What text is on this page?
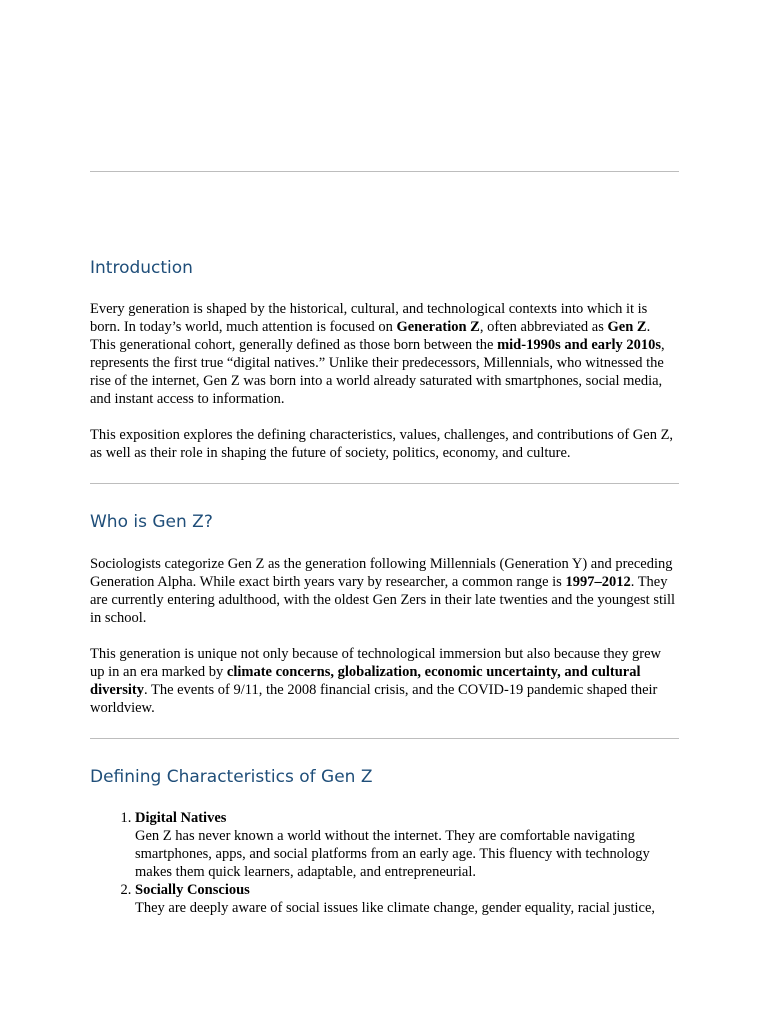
Introduction

Every generation is shaped by the historical, cultural, and technological contexts into which it is born. In today’s world, much attention is focused on Generation Z, often abbreviated as Gen Z. This generational cohort, generally defined as those born between the mid-1990s and early 2010s, represents the first true “digital natives.” Unlike their predecessors, Millennials, who witnessed the rise of the internet, Gen Z was born into a world already saturated with smartphones, social media, and instant access to information.

This exposition explores the defining characteristics, values, challenges, and contributions of Gen Z, as well as their role in shaping the future of society, politics, economy, and culture.

Who is Gen Z?

Sociologists categorize Gen Z as the generation following Millennials (Generation Y) and preceding Generation Alpha. While exact birth years vary by researcher, a common range is 1997–2012. They are currently entering adulthood, with the oldest Gen Zers in their late twenties and the youngest still in school.

This generation is unique not only because of technological immersion but also because they grew up in an era marked by climate concerns, globalization, economic uncertainty, and cultural diversity. The events of 9/11, the 2008 financial crisis, and the COVID-19 pandemic shaped their worldview.

Defining Characteristics of Gen Z
1. Digital Natives
Gen Z has never known a world without the internet. They are comfortable navigating smartphones, apps, and social platforms from an early age. This fluency with technology makes them quick learners, adaptable, and entrepreneurial.
2. Socially Conscious
They are deeply aware of social issues like climate change, gender equality, racial justice,
